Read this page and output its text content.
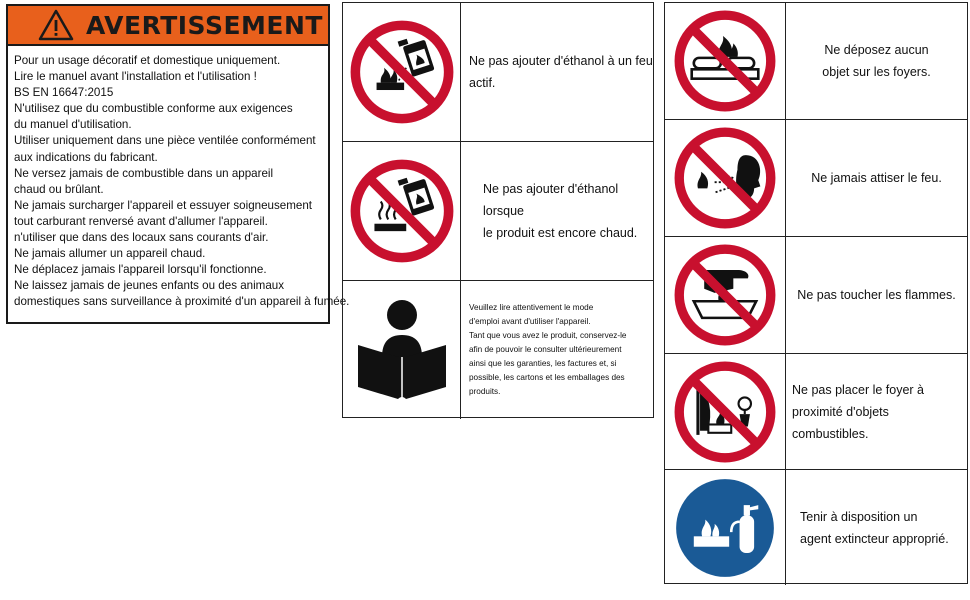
AVERTISSEMENT
Pour un usage décoratif et domestique uniquement.
Lire le manuel avant l'installation et l'utilisation !
BS EN 16647:2015
N'utilisez que du combustible conforme aux exigences
du manuel d'utilisation.
Utiliser uniquement dans une pièce ventilée conformément
aux indications du fabricant.
Ne versez jamais de combustible dans un appareil
chaud ou brûlant.
Ne jamais surcharger l'appareil et essuyer soigneusement
tout carburant renversé avant d'allumer l'appareil.
n'utiliser que dans des locaux sans courants d'air.
Ne jamais allumer un appareil chaud.
Ne déplacez jamais l'appareil lorsqu'il fonctionne.
Ne laissez jamais de jeunes enfants ou des animaux
domestiques sans surveillance à proximité d'un appareil à fumée.
Ne pas ajouter d'éthanol à un feu actif.
Ne pas ajouter d'éthanol lorsque
le produit est encore chaud.
Veuillez lire attentivement le mode
d'emploi avant d'utiliser l'appareil.
Tant que vous avez le produit, conservez-le
afin de pouvoir le consulter ultérieurement
ainsi que les garanties, les factures et, si
possible, les cartons et les emballages des produits.
Ne déposez aucun
objet sur les foyers.
Ne jamais attiser le feu.
Ne pas toucher les flammes.
Ne pas placer le foyer à
proximité d'objets combustibles.
Tenir à disposition un
agent extincteur approprié.
